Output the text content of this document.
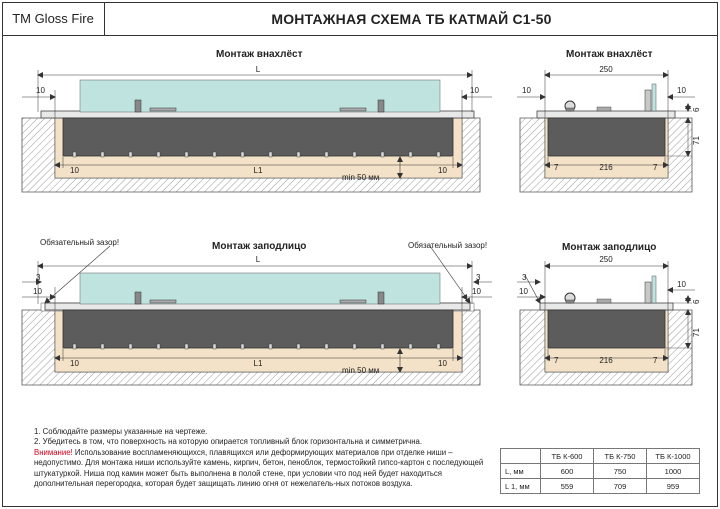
TM Gloss Fire	МОНТАЖНАЯ СХЕМА ТБ КАТМАЙ С1-50
Монтаж внахлёст
L
10	10
10	L1	10
min 50 мм
Монтаж внахлёст
250
10	10
6
71
7	216	7
Монтаж заподлицо
Обязательный зазор!	Обязательный зазор!
L
3
10
3
10
10	L1	10
min 50 мм
Монтаж заподлицо
250
3
10
10
6
71
7	216	7

1. Соблюдайте размеры указанные на чертеже.

2. Убедитесь в том, что поверхность на которую опирается топливный блок горизонтальна и симметрична.

Внимание! Использование воспламеняющихся, плавящихся или деформирующих материалов при отделке ниши – недопустимо. Для монтажа ниши используйте камень, кирпич, бетон, пеноблок, термостойкий гипсо-картон с последующей штукатуркой. Ниша под камин может быть выполнена в полой стене, при условии что под ней будет находиться дополнительная перегородка, которая будет защищать линию огня от нежелатель-ных потоков воздуха.

	ТБ К-600	ТБ К-750	ТБ К-1000
L, мм	600	750	1000
L 1, мм	559	709	959
